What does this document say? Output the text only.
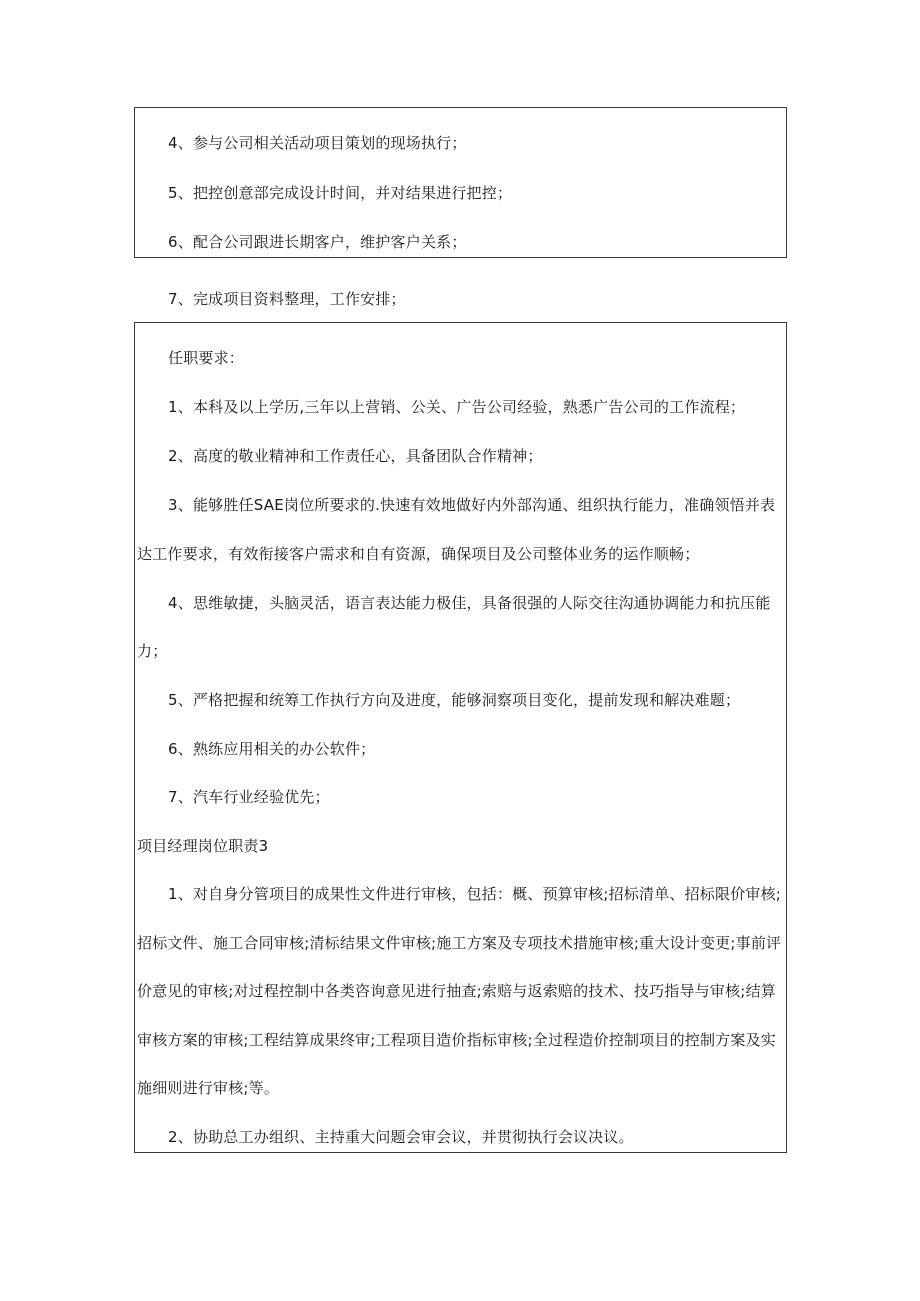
4、参与公司相关活动项目策划的现场执行；
5、把控创意部完成设计时间，并对结果进行把控；
6、配合公司跟进长期客户，维护客户关系；
7、完成项目资料整理，工作安排；
任职要求：
1、本科及以上学历,三年以上营销、公关、广告公司经验，熟悉广告公司的工作流程；
2、高度的敬业精神和工作责任心，具备团队合作精神；
3、能够胜任SAE岗位所要求的.快速有效地做好内外部沟通、组织执行能力，准确领悟并表
达工作要求，有效衔接客户需求和自有资源，确保项目及公司整体业务的运作顺畅；
4、思维敏捷，头脑灵活，语言表达能力极佳，具备很强的人际交往沟通协调能力和抗压能
力；
5、严格把握和统筹工作执行方向及进度，能够洞察项目变化，提前发现和解决难题；
6、熟练应用相关的办公软件；
7、汽车行业经验优先；
项目经理岗位职责3
1、对自身分管项目的成果性文件进行审核，包括：概、预算审核;招标清单、招标限价审核;
招标文件、施工合同审核;清标结果文件审核;施工方案及专项技术措施审核;重大设计变更;事前评
价意见的审核;对过程控制中各类咨询意见进行抽查;索赔与返索赔的技术、技巧指导与审核;结算
审核方案的审核;工程结算成果终审;工程项目造价指标审核;全过程造价控制项目的控制方案及实
施细则进行审核;等。
2、协助总工办组织、主持重大问题会审会议，并贯彻执行会议决议。
